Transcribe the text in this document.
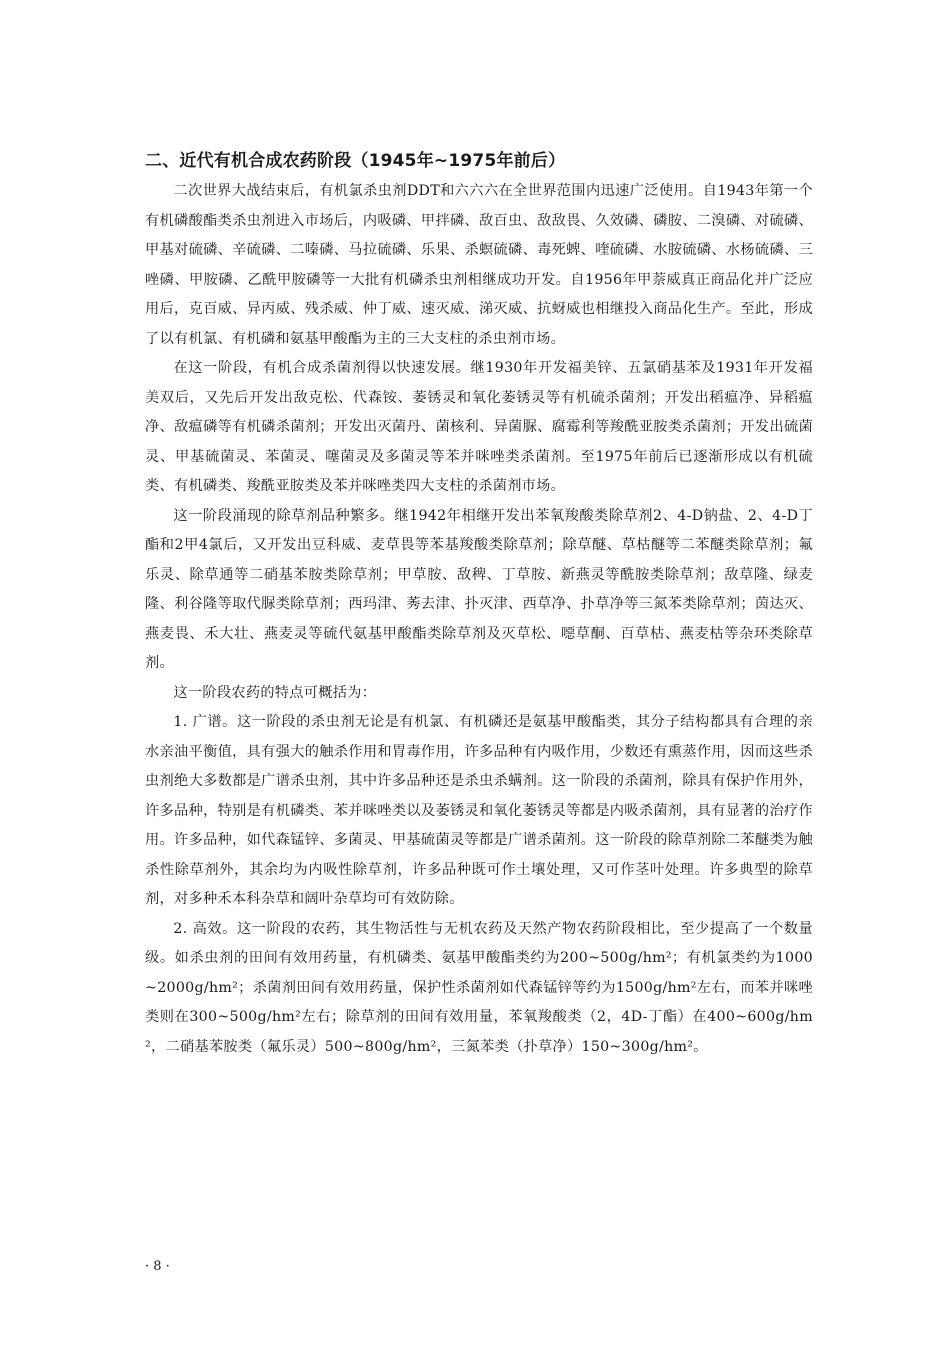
二、近代有机合成农药阶段（1945年~1975年前后）

二次世界大战结束后，有机氯杀虫剂DDT和六六六在全世界范围内迅速广泛使用。自1943年第一个有机磷酸酯类杀虫剂进入市场后，内吸磷、甲拌磷、敌百虫、敌敌畏、久效磷、磷胺、二溴磷、对硫磷、甲基对硫磷、辛硫磷、二嗪磷、马拉硫磷、乐果、杀螟硫磷、毒死蜱、喹硫磷、水胺硫磷、水杨硫磷、三唑磷、甲胺磷、乙酰甲胺磷等一大批有机磷杀虫剂相继成功开发。自1956年甲萘威真正商品化并广泛应用后，克百威、异丙威、残杀威、仲丁威、速灭威、涕灭威、抗蚜威也相继投入商品化生产。至此，形成了以有机氯、有机磷和氨基甲酸酯为主的三大支柱的杀虫剂市场。

在这一阶段，有机合成杀菌剂得以快速发展。继1930年开发福美锌、五氯硝基苯及1931年开发福美双后，又先后开发出敌克松、代森铵、萎锈灵和氧化萎锈灵等有机硫杀菌剂；开发出稻瘟净、异稻瘟净、敌瘟磷等有机磷杀菌剂；开发出灭菌丹、菌核利、异菌脲、腐霉利等羧酰亚胺类杀菌剂；开发出硫菌灵、甲基硫菌灵、苯菌灵、噻菌灵及多菌灵等苯并咪唑类杀菌剂。至1975年前后已逐渐形成以有机硫类、有机磷类、羧酰亚胺类及苯并咪唑类四大支柱的杀菌剂市场。

这一阶段涌现的除草剂品种繁多。继1942年相继开发出苯氧羧酸类除草剂2、4-D钠盐、2、4-D丁酯和2甲4氯后，又开发出豆科威、麦草畏等苯基羧酸类除草剂；除草醚、草枯醚等二苯醚类除草剂；氟乐灵、除草通等二硝基苯胺类除草剂；甲草胺、敌稗、丁草胺、新燕灵等酰胺类除草剂；敌草隆、绿麦隆、利谷隆等取代脲类除草剂；西玛津、莠去津、扑灭津、西草净、扑草净等三氮苯类除草剂；茵达灭、燕麦畏、禾大壮、燕麦灵等硫代氨基甲酸酯类除草剂及灭草松、噁草酮、百草枯、燕麦枯等杂环类除草剂。

这一阶段农药的特点可概括为：

1. 广谱。这一阶段的杀虫剂无论是有机氯、有机磷还是氨基甲酸酯类，其分子结构都具有合理的亲水亲油平衡值，具有强大的触杀作用和胃毒作用，许多品种有内吸作用，少数还有熏蒸作用，因而这些杀虫剂绝大多数都是广谱杀虫剂，其中许多品种还是杀虫杀螨剂。这一阶段的杀菌剂，除具有保护作用外，许多品种，特别是有机磷类、苯并咪唑类以及萎锈灵和氧化萎锈灵等都是内吸杀菌剂，具有显著的治疗作用。许多品种，如代森锰锌、多菌灵、甲基硫菌灵等都是广谱杀菌剂。这一阶段的除草剂除二苯醚类为触杀性除草剂外，其余均为内吸性除草剂，许多品种既可作土壤处理，又可作茎叶处理。许多典型的除草剂，对多种禾本科杂草和阔叶杂草均可有效防除。

2. 高效。这一阶段的农药，其生物活性与无机农药及天然产物农药阶段相比，至少提高了一个数量级。如杀虫剂的田间有效用药量，有机磷类、氨基甲酸酯类约为200~500g/hm²；有机氯类约为1000~2000g/hm²；杀菌剂田间有效用药量，保护性杀菌剂如代森锰锌等约为1500g/hm²左右，而苯并咪唑类则在300~500g/hm²左右；除草剂的田间有效用量，苯氧羧酸类（2，4D-丁酯）在400~600g/hm²，二硝基苯胺类（氟乐灵）500~800g/hm²，三氮苯类（扑草净）150~300g/hm²。

· 8 ·
